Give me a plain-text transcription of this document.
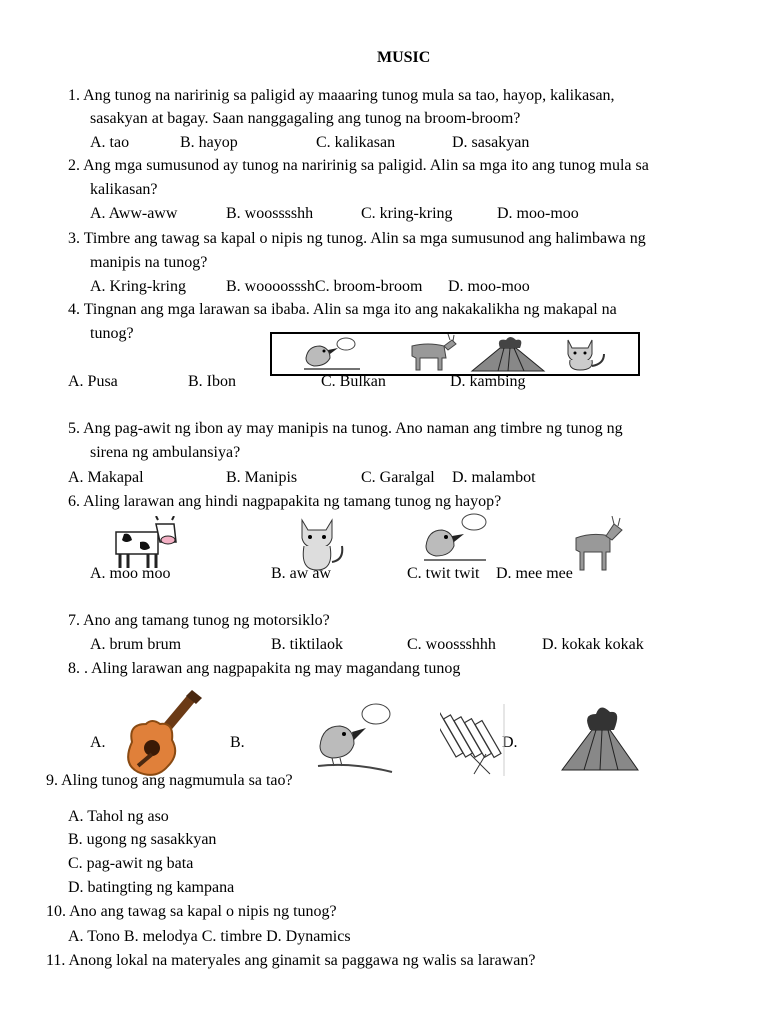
MUSIC
1. Ang tunog na naririnig sa paligid ay maaaring tunog mula sa tao, hayop, kalikasan,
sasakyan at bagay. Saan nanggagaling ang tunog na broom-broom?
A. tao	B. hayop	C. kalikasan	D. sasakyan
2. Ang mga sumusunod ay tunog na naririnig sa paligid. Alin sa mga ito ang tunog mula sa
kalikasan?
A. Aww-aww	B. woosssshh	C. kring-kring	D. moo-moo
3. Timbre ang tawag sa kapal o nipis ng tunog. Alin sa mga sumusunod ang halimbawa ng
manipis na tunog?
A. Kring-kring	B. woooossshC. broom-broom D. moo-moo
4. Tingnan ang mga larawan sa ibaba. Alin sa mga ito ang nakakalikha ng makapal na
tunog?
A. Pusa	B. Ibon	C. Bulkan	D. kambing
5. Ang pag-awit ng ibon ay may manipis na tunog. Ano naman ang timbre ng tunog ng
sirena ng ambulansiya?
A. Makapal	B. Manipis	C. Garalgal D. malambot
6. Aling larawan ang hindi nagpapakita ng tamang tunog ng hayop?
A. moo moo	B. aw aw	C. twit twit D. mee mee
7. Ano ang tamang tunog ng motorsiklo?
A. brum brum	B. tiktilaok	C. woossshhh	D. kokak kokak
8. . Aling larawan ang nagpapakita ng may magandang tunog
A.	B.	D.
9. Aling tunog ang nagmumula sa tao?
A. Tahol ng aso
B. ugong ng sasakkyan
C. pag-awit ng bata
D. batingting ng kampana
10. Ano ang tawag sa kapal o nipis ng tunog?
A. Tono B. melodya C. timbre D. Dynamics
11. Anong lokal na materyales ang ginamit sa paggawa ng walis sa larawan?
